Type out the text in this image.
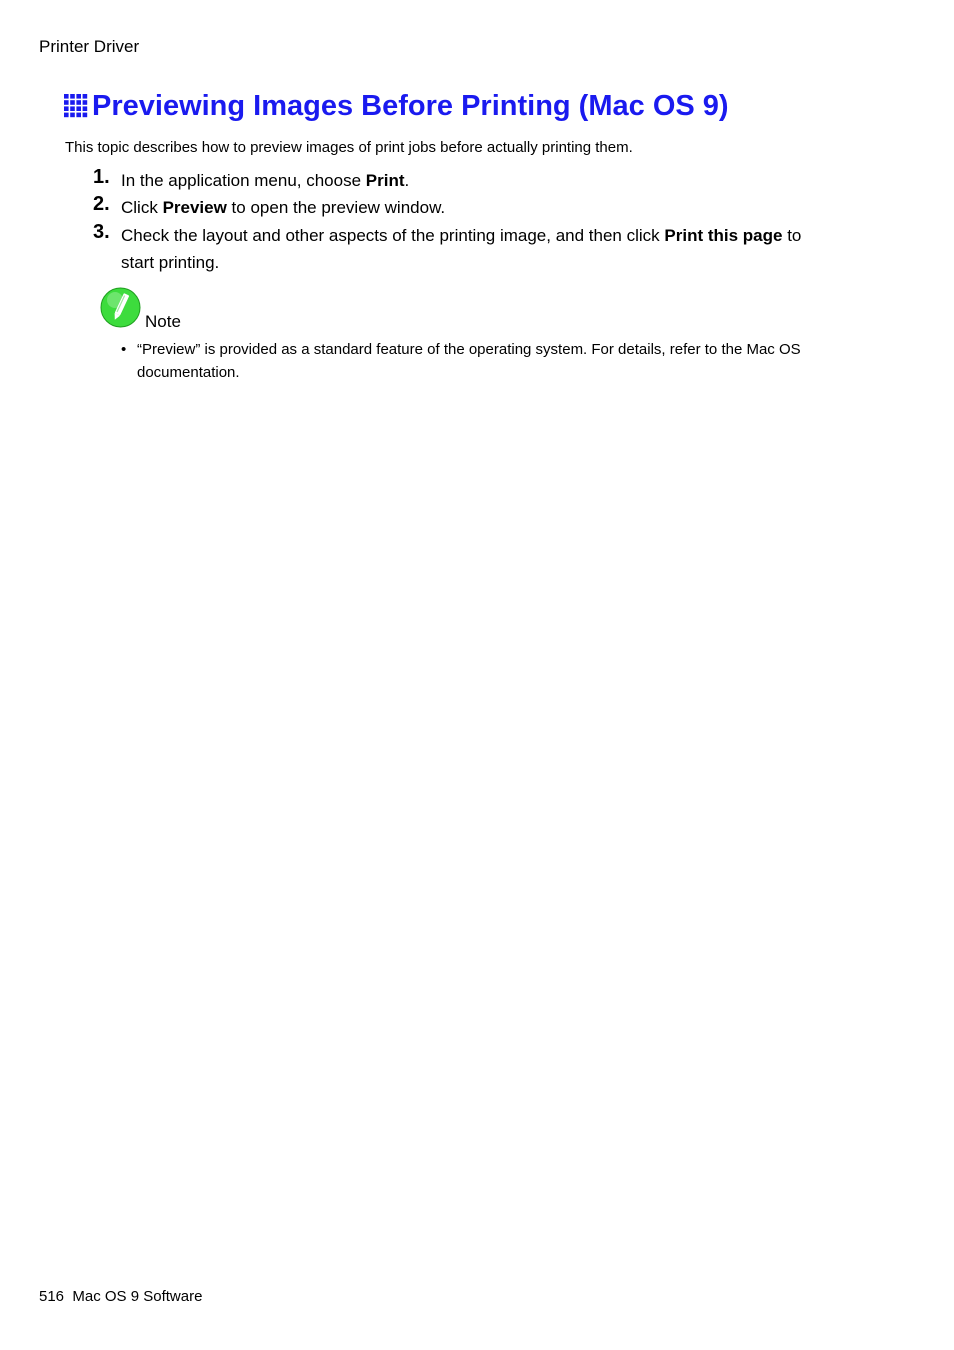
Printer Driver
Previewing Images Before Printing (Mac OS 9)
This topic describes how to preview images of print jobs before actually printing them.
1. In the application menu, choose Print.
2. Click Preview to open the preview window.
3. Check the layout and other aspects of the printing image, and then click Print this page to start printing.
Note
• “Preview” is provided as a standard feature of the operating system. For details, refer to the Mac OS documentation.
516 Mac OS 9 Software
